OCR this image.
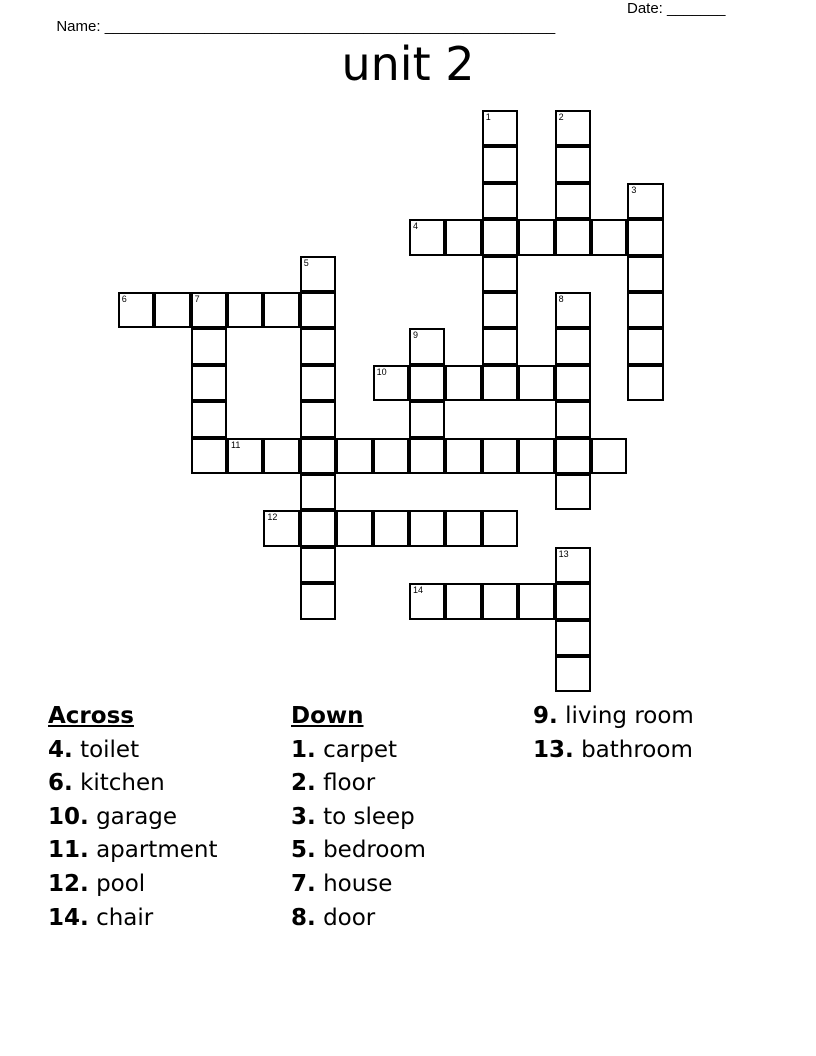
Name: ______________________________________________________

Date: _______

unit 2
4
6	7
10
11
12
14
1	2
3
5
8
9
13
Across
4. toilet
6. kitchen
10. garage
11. apartment
12. pool
14. chair
Down
1. carpet
2. floor
3. to sleep
5. bedroom
7. house
8. door
9. living room
13. bathroom
